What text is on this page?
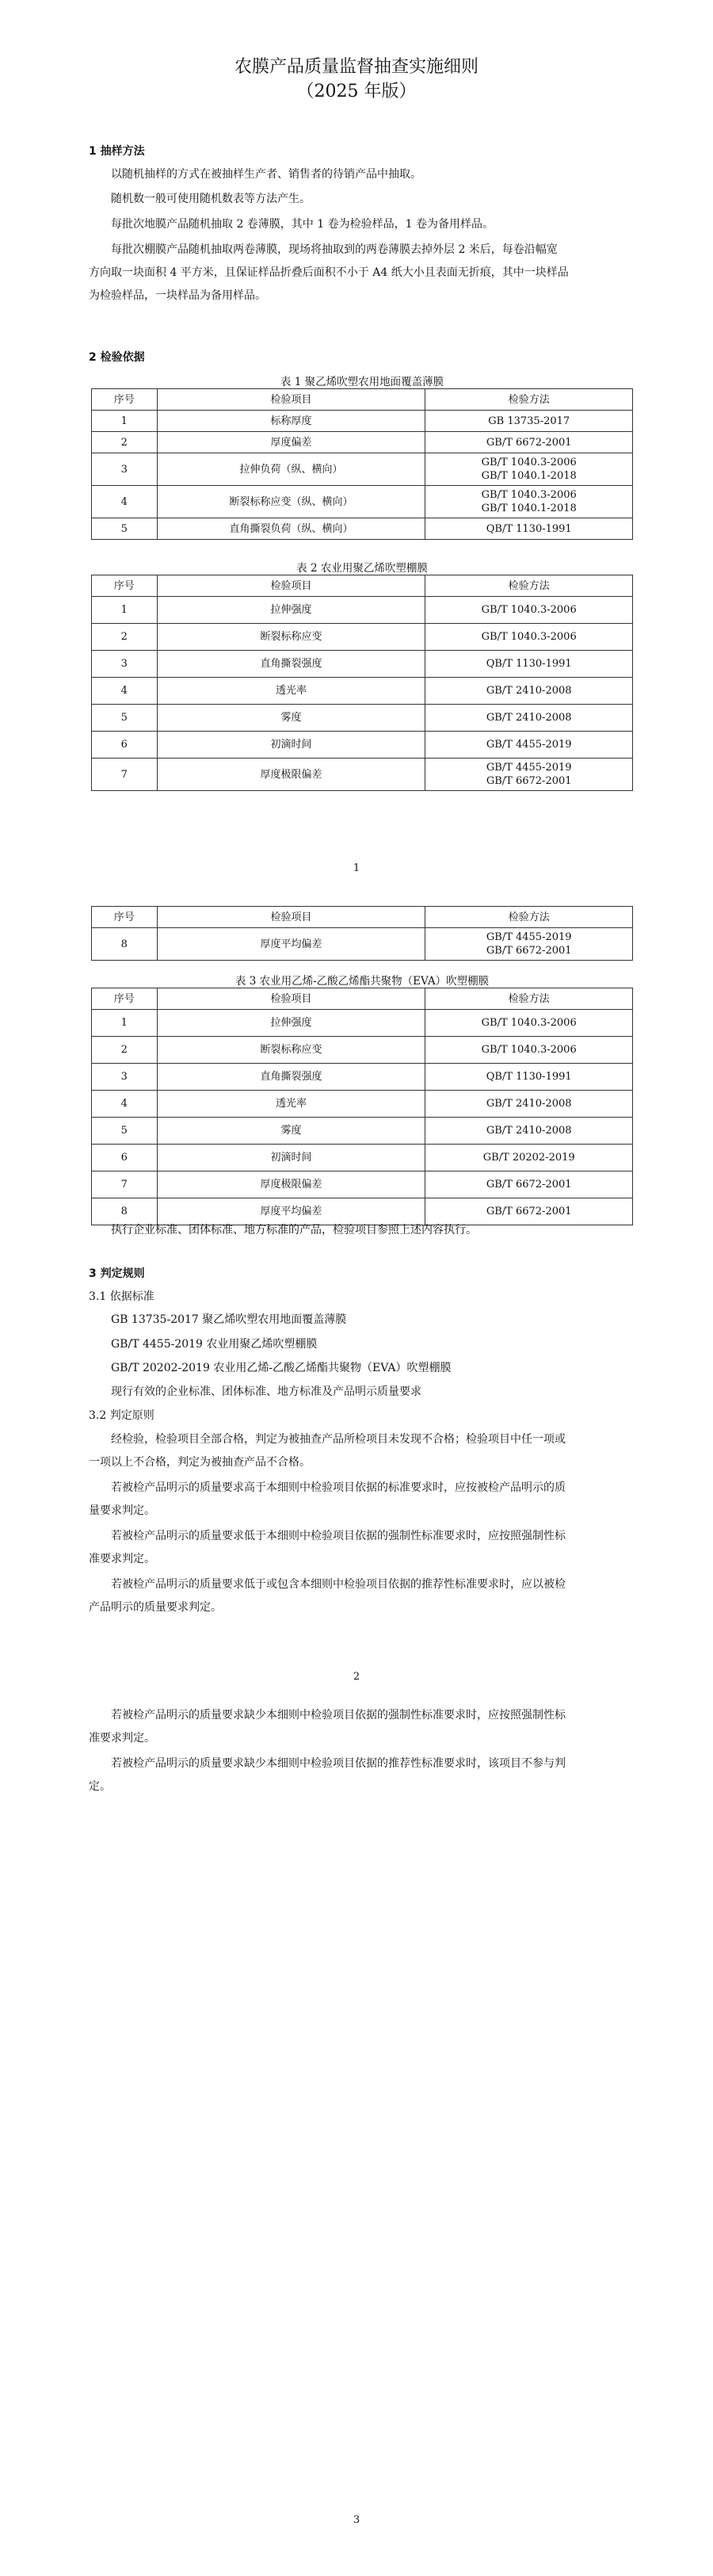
农膜产品质量监督抽查实施细则
（2025 年版）
1 抽样方法
以随机抽样的方式在被抽样生产者、销售者的待销产品中抽取。
随机数一般可使用随机数表等方法产生。
每批次地膜产品随机抽取 2 卷薄膜，其中 1 卷为检验样品，1 卷为备用样品。
每批次棚膜产品随机抽取两卷薄膜，现场将抽取到的两卷薄膜去掉外层 2 米后，每卷沿幅宽
方向取一块面积 4 平方米，且保证样品折叠后面积不小于 A4 纸大小且表面无折痕，其中一块样品
为检验样品，一块样品为备用样品。
2 检验依据
表 1 聚乙烯吹塑农用地面覆盖薄膜
序号	检验项目	检验方法
1	标称厚度	GB 13735-2017
2	厚度偏差	GB/T 6672-2001
3	拉伸负荷（纵、横向）	GB/T 1040.3-2006
GB/T 1040.1-2018

4	断裂标称应变（纵、横向）	GB/T 1040.3-2006
GB/T 1040.1-2018

5	直角撕裂负荷（纵、横向）	QB/T 1130-1991
表 2 农业用聚乙烯吹塑棚膜
序号	检验项目	检验方法
1	拉伸强度	GB/T 1040.3-2006
2	断裂标称应变	GB/T 1040.3-2006
3	直角撕裂强度	QB/T 1130-1991
4	透光率	GB/T 2410-2008
5	雾度	GB/T 2410-2008
6	初滴时间	GB/T 4455-2019
7	厚度极限偏差	GB/T 4455-2019
GB/T 6672-2001
1
序号	检验项目	检验方法
8	厚度平均偏差	GB/T 4455-2019
GB/T 6672-2001
表 3 农业用乙烯-乙酸乙烯酯共聚物（EVA）吹塑棚膜
序号	检验项目	检验方法
1	拉伸强度	GB/T 1040.3-2006
2	断裂标称应变	GB/T 1040.3-2006
3	直角撕裂强度	QB/T 1130-1991
4	透光率	GB/T 2410-2008
5	雾度	GB/T 2410-2008
6	初滴时间	GB/T 20202-2019
7	厚度极限偏差	GB/T 6672-2001
8	厚度平均偏差	GB/T 6672-2001
执行企业标准、团体标准、地方标准的产品，检验项目参照上述内容执行。
3 判定规则
3.1 依据标准
GB 13735-2017 聚乙烯吹塑农用地面覆盖薄膜
GB/T 4455-2019 农业用聚乙烯吹塑棚膜
GB/T 20202-2019 农业用乙烯-乙酸乙烯酯共聚物（EVA）吹塑棚膜
现行有效的企业标准、团体标准、地方标准及产品明示质量要求
3.2 判定原则
经检验，检验项目全部合格，判定为被抽查产品所检项目未发现不合格；检验项目中任一项或
一项以上不合格，判定为被抽查产品不合格。
若被检产品明示的质量要求高于本细则中检验项目依据的标准要求时，应按被检产品明示的质
量要求判定。
若被检产品明示的质量要求低于本细则中检验项目依据的强制性标准要求时，应按照强制性标
准要求判定。
若被检产品明示的质量要求低于或包含本细则中检验项目依据的推荐性标准要求时，应以被检
产品明示的质量要求判定。
2
若被检产品明示的质量要求缺少本细则中检验项目依据的强制性标准要求时，应按照强制性标
准要求判定。
若被检产品明示的质量要求缺少本细则中检验项目依据的推荐性标准要求时，该项目不参与判
定。
3
